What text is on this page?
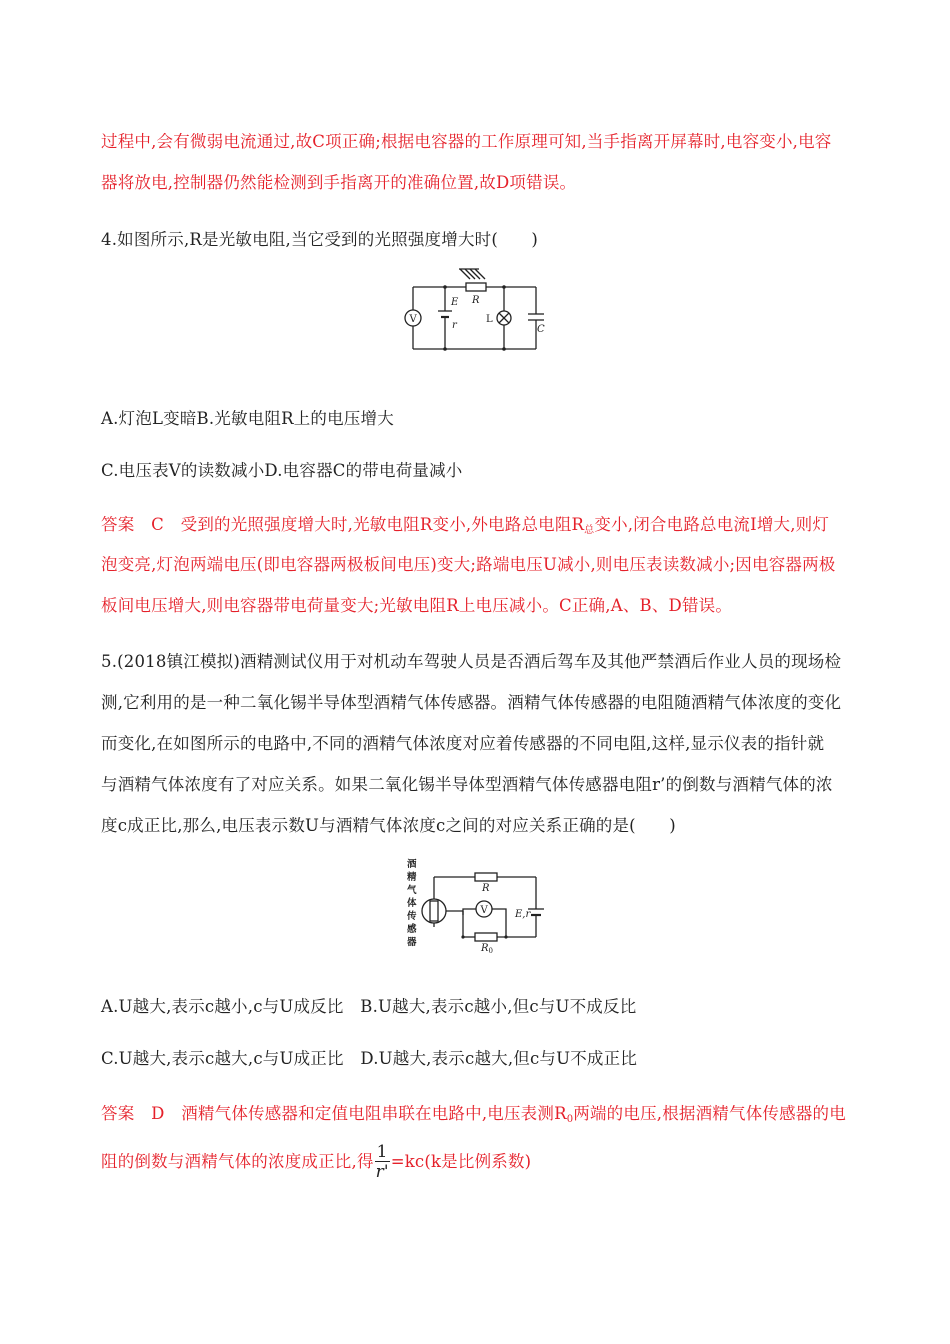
过程中,会有微弱电流通过,故C项正确;根据电容器的工作原理可知,当手指离开屏幕时,电容变小,电容
器将放电,控制器仍然能检测到手指离开的准确位置,故D项错误。
4.如图所示,R是光敏电阻,当它受到的光照强度增大时(　　)
V
R
E
r
L
C
A.灯泡L变暗B.光敏电阻R上的电压增大
C.电压表V的读数减小D.电容器C的带电荷量减小
答案　C　受到的光照强度增大时,光敏电阻R变小,外电路总电阻$R_总$变小,闭合电路总电流I增大,则灯
泡变亮,灯泡两端电压(即电容器两极板间电压)变大;路端电压U减小,则电压表读数减小;因电容器两极
板间电压增大,则电容器带电荷量变大;光敏电阻R上电压减小。C正确,A、B、D错误。
5.(2018镇江模拟)酒精测试仪用于对机动车驾驶人员是否酒后驾车及其他严禁酒后作业人员的现场检
测,它利用的是一种二氧化锡半导体型酒精气体传感器。酒精气体传感器的电阻随酒精气体浓度的变化
而变化,在如图所示的电路中,不同的酒精气体浓度对应着传感器的不同电阻,这样,显示仪表的指针就
与酒精气体浓度有了对应关系。如果二氧化锡半导体型酒精气体传感器电阻r’的倒数与酒精气体的浓
度c成正比,那么,电压表示数U与酒精气体浓度c之间的对应关系正确的是(　　)
酒
精
气
体
传
感
器
R
V	E,r
$R_0$
A.U越大,表示c越小,c与U成反比　B.U越大,表示c越小,但c与U不成反比
C.U越大,表示c越大,c与U成正比　D.U越大,表示c越大,但c与U不成正比
答案　D　酒精气体传感器和定值电阻串联在电路中,电压表测$R_0$两端的电压,根据酒精气体传感器的电
阻的倒数与酒精气体的浓度成正比,得 $\frac{1}{r'} =kc(k$是比例系数)
